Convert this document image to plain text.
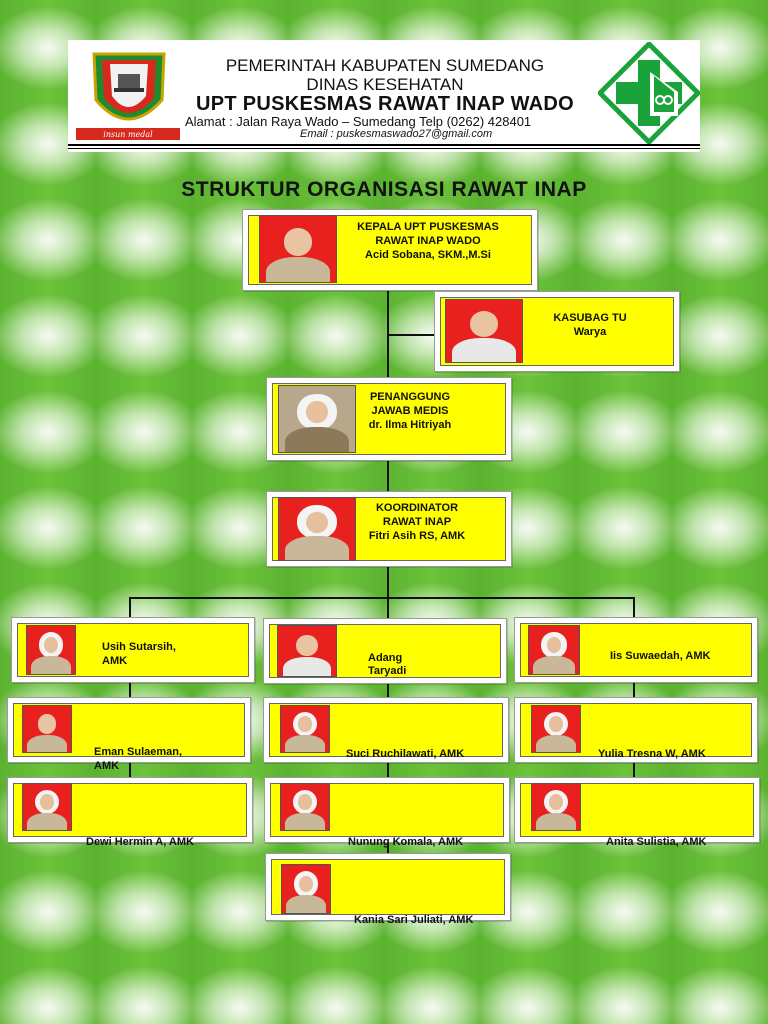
insun medal
PEMERINTAH KABUPATEN SUMEDANG
DINAS KESEHATAN
UPT PUSKESMAS RAWAT INAP WADO
Alamat : Jalan Raya Wado – Sumedang Telp (0262) 428401
Email : puskesmaswado27@gmail.com
STRUKTUR ORGANISASI RAWAT INAP
KEPALA UPT PUSKESMAS
RAWAT INAP WADO
Acid Sobana, SKM.,M.Si
KASUBAG TU
Warya
PENANGGUNG
JAWAB MEDIS
dr. Ilma Hitriyah
KOORDINATOR
RAWAT INAP
Fitri Asih RS, AMK
Usih Sutarsih,
AMK	Adang
Taryadi
Iis Suwaedah, AMK
Eman Sulaeman,
AMK
Suci Ruchilawati, AMK	Yulia Tresna W, AMK
Dewi Hermin A, AMK	Nunung Komala, AMK	Anita Sulistia, AMK
Kania Sari Juliati, AMK
